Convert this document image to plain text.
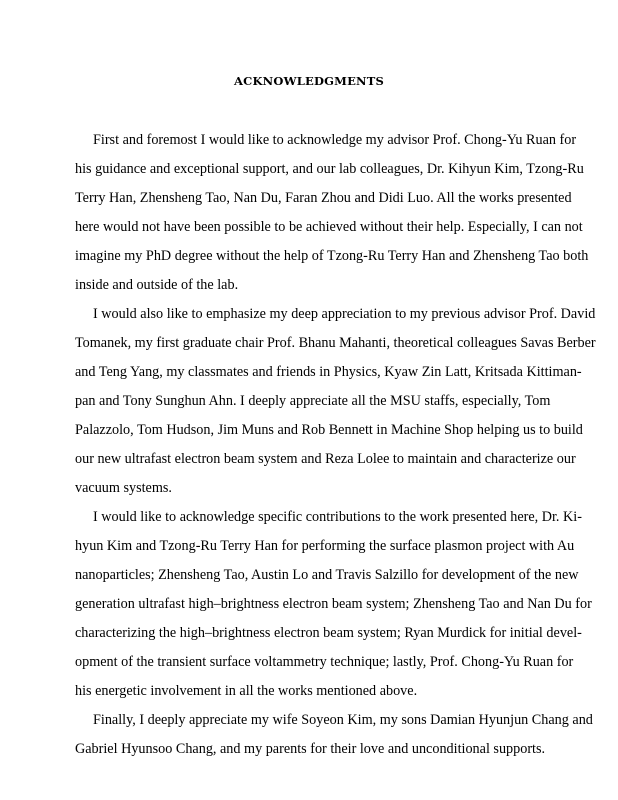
ACKNOWLEDGMENTS
First and foremost I would like to acknowledge my advisor Prof. Chong-Yu Ruan for
his guidance and exceptional support, and our lab colleagues, Dr. Kihyun Kim, Tzong-Ru
Terry Han, Zhensheng Tao, Nan Du, Faran Zhou and Didi Luo. All the works presented
here would not have been possible to be achieved without their help. Especially, I can not
imagine my PhD degree without the help of Tzong-Ru Terry Han and Zhensheng Tao both
inside and outside of the lab.
I would also like to emphasize my deep appreciation to my previous advisor Prof. David
Tomanek, my first graduate chair Prof. Bhanu Mahanti, theoretical colleagues Savas Berber
and Teng Yang, my classmates and friends in Physics, Kyaw Zin Latt, Kritsada Kittiman-
pan and Tony Sunghun Ahn. I deeply appreciate all the MSU staffs, especially, Tom
Palazzolo, Tom Hudson, Jim Muns and Rob Bennett in Machine Shop helping us to build
our new ultrafast electron beam system and Reza Lolee to maintain and characterize our
vacuum systems.
I would like to acknowledge specific contributions to the work presented here, Dr. Ki-
hyun Kim and Tzong-Ru Terry Han for performing the surface plasmon project with Au
nanoparticles; Zhensheng Tao, Austin Lo and Travis Salzillo for development of the new
generation ultrafast high–brightness electron beam system; Zhensheng Tao and Nan Du for
characterizing the high–brightness electron beam system; Ryan Murdick for initial devel-
opment of the transient surface voltammetry technique; lastly, Prof. Chong-Yu Ruan for
his energetic involvement in all the works mentioned above.
Finally, I deeply appreciate my wife Soyeon Kim, my sons Damian Hyunjun Chang and
Gabriel Hyunsoo Chang, and my parents for their love and unconditional supports.
